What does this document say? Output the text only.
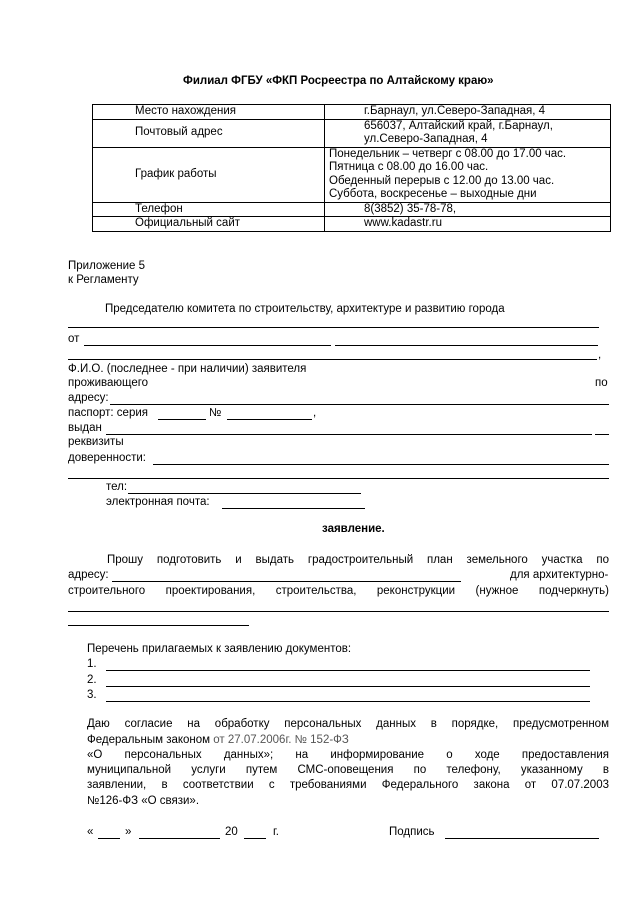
Филиал ФГБУ «ФКП Росреестра по Алтайскому краю»
Место нахождения	г.Барнаул, ул.Северо-Западная, 4
Почтовый адрес	656037, Алтайский край, г.Барнаул,
ул.Северо-Западная, 4

График работы	Понедельник – четверг с 08.00 до 17.00 час.
Пятница с 08.00 до 16.00 час.
Обеденный перерыв с 12.00 до 13.00 час.
Суббота, воскресенье – выходные дни

Телефон	8(3852) 35-78-78,
Официальный сайт	www.kadastr.ru
Приложение 5
к Регламенту
Председателю комитета по строительству, архитектуре и развитию города
от
,
Ф.И.О. (последнее - при наличии) заявителя
проживающего	по
адресу:
паспорт: серия	№	,
выдан
реквизиты
доверенности:
тел:
электронная почта:
заявление.
Прошу подготовить и выдать градостроительный план земельного участка по
адресу:	для архитектурно-
строительного проектирования, строительства, реконструкции (нужное подчеркнуть)
Перечень прилагаемых к заявлению документов:
1.
2.
3.
Даю согласие на обработку персональных данных в порядке, предусмотренном
Федеральным законом от 27.07.2006г. № 152-ФЗ
«О персональных данных»; на информирование о ходе предоставления
муниципальной услуги путем СМС-оповещения по телефону, указанному в
заявлении, в соответствии с требованиями Федерального закона от 07.07.2003
№126-ФЗ «О связи».
«	»	20	г.	Подпись
